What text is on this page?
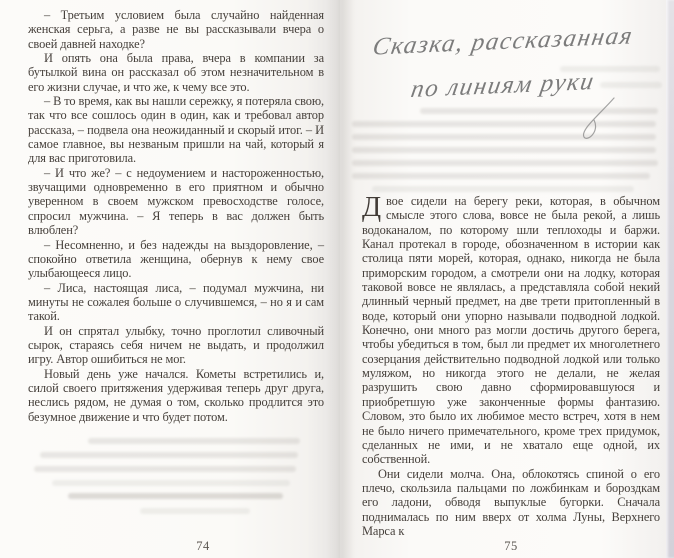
– Третьим условием была случайно найденная женская серьга, а разве не вы рассказывали вчера о своей давней находке?

И опять она была права, вчера в компании за бутылкой вина он рассказал об этом незначительном в его жизни случае, и что же, к чему все это.

– В то время, как вы нашли сережку, я потеряла свою, так что все сошлось один в один, как и требовал автор рассказа, – подвела она неожиданный и скорый итог. – И самое главное, вы незваным пришли на чай, который я для вас приготовила.

– И что же? – с недоумением и настороженностью, звучащими одновременно в его приятном и обычно уверенном в своем мужском превосходстве голосе, спросил мужчина. – Я теперь в вас должен быть влюблен?

– Несомненно, и без надежды на выздоровление, – спокойно ответила женщина, обернув к нему свое улыбающееся лицо.

– Лиса, настоящая лиса, – подумал мужчина, ни минуты не сожалея больше о случившемся, – но я и сам такой.

И он спрятал улыбку, точно проглотил сливочный сырок, стараясь себя ничем не выдать, и продолжил игру. Автор ошибиться не мог.

Новый день уже начался. Кометы встретились и, силой своего притяжения удерживая теперь друг друга, неслись рядом, не думая о том, сколько продлится это безумное движение и что будет потом.

Сказка, рассказанная
по линиям руки

Двое сидели на берегу реки, которая, в обычном смысле этого слова, вовсе не была рекой, а лишь водоканалом, по которому шли теплоходы и баржи. Канал протекал в городе, обозначенном в истории как столица пяти морей, которая, однако, никогда не была приморским городом, а смотрели они на лодку, которая таковой вовсе не являлась, а представляла собой некий длинный черный предмет, на две трети притопленный в воде, который они упорно называли подводной лодкой. Конечно, они много раз могли достичь другого берега, чтобы убедиться в том, был ли предмет их многолетнего созерцания действительно подводной лодкой или только муляжом, но никогда этого не делали, не желая разрушить свою давно сформировавшуюся и приобретшую уже законченные формы фантазию. Словом, это было их любимое место встреч, хотя в нем не было ничего примечательного, кроме трех придумок, сделанных не ими, и не хватало еще одной, их собственной.

Они сидели молча. Она, облокотясь спиной о его плечо, скользила пальцами по ложбинкам и бороздкам его ладони, обводя выпуклые бугорки. Сначала поднималась по ним вверх от холма Луны, Верхнего Марса к

74	75
